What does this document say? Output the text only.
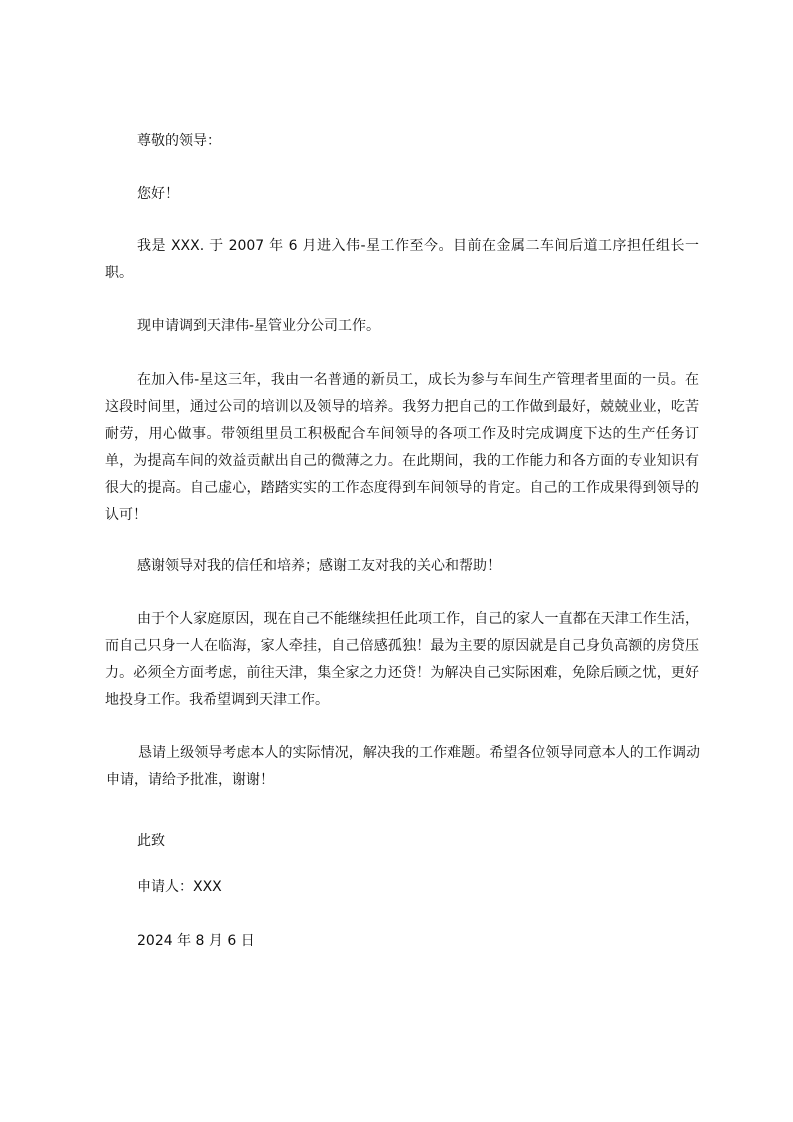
尊敬的领导：
您好！
我是 XXX. 于 2007 年 6 月进入伟-星工作至今。目前在金属二车间后道工序担任组长一职。
现申请调到天津伟-星管业分公司工作。
在加入伟-星这三年，我由一名普通的新员工，成长为参与车间生产管理者里面的一员。在这段时间里，通过公司的培训以及领导的培养。我努力把自己的工作做到最好，兢兢业业，吃苦耐劳，用心做事。带领组里员工积极配合车间领导的各项工作及时完成调度下达的生产任务订单，为提高车间的效益贡献出自己的微薄之力。在此期间，我的工作能力和各方面的专业知识有很大的提高。自己虚心，踏踏实实的工作态度得到车间领导的肯定。自己的工作成果得到领导的认可！
感谢领导对我的信任和培养；感谢工友对我的关心和帮助！
由于个人家庭原因，现在自己不能继续担任此项工作，自己的家人一直都在天津工作生活，而自己只身一人在临海，家人牵挂，自己倍感孤独！最为主要的原因就是自己身负高额的房贷压力。必须全方面考虑，前往天津，集全家之力还贷！为解决自己实际困难，免除后顾之忧，更好地投身工作。我希望调到天津工作。
恳请上级领导考虑本人的实际情况，解决我的工作难题。希望各位领导同意本人的工作调动申请，请给予批准，谢谢！
此致
申请人：XXX
2024 年 8 月 6 日
